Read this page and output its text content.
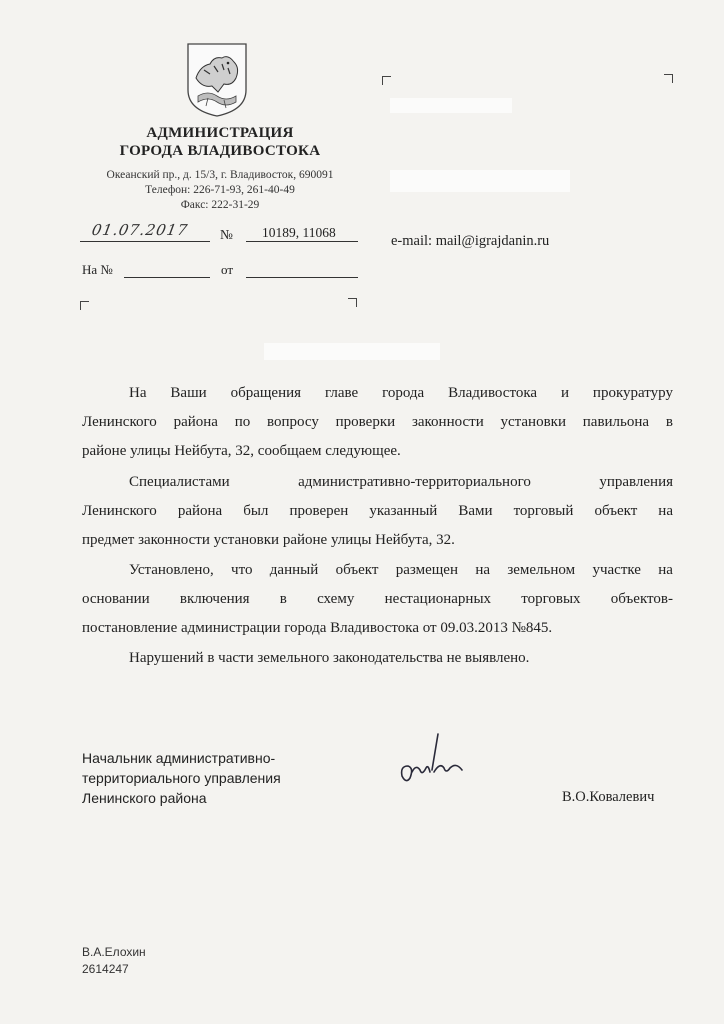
АДМИНИСТРАЦИЯ
ГОРОДА ВЛАДИВОСТОКА
Океанский пр., д. 15/3, г. Владивосток, 690091
Телефон: 226-71-93, 261-40-49
Факс: 222-31-29
01.07.2017 № 10189, 11068
На №	от
e-mail: mail@igrajdanin.ru
На Ваши обращения главе города Владивостока и прокуратуру
Ленинского района по вопросу проверки законности установки павильона в
районе улицы Нейбута, 32, сообщаем следующее.
Специалистами	административно-территориального	управления
Ленинского района был проверен указанный Вами торговый объект на
предмет законности установки районе улицы Нейбута, 32.
Установлено, что данный объект размещен на земельном участке на
основании включения в схему нестационарных торговых объектов-
постановление администрации города Владивостока от 09.03.2013 №845.
Нарушений в части земельного законодательства не выявлено.
Начальник административно-
территориального управления
Ленинского района	В.О.Ковалевич
В.А.Елохин
2614247
